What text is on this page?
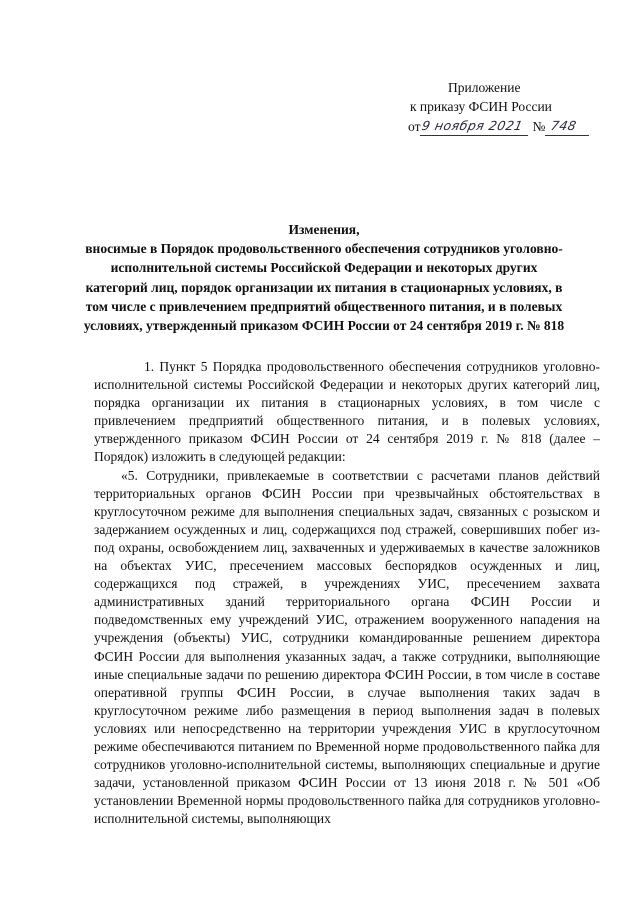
Приложение
к приказу ФСИН России
от 9 ноября 2021 № 748
Изменения,
вносимые в Порядок продовольственного обеспечения сотрудников уголовно-исполнительной системы Российской Федерации и некоторых других категорий лиц, порядок организации их питания в стационарных условиях, в том числе с привлечением предприятий общественного питания, и в полевых условиях, утвержденный приказом ФСИН России от 24 сентября 2019 г. № 818

1. Пункт 5 Порядка продовольственного обеспечения сотрудников уголовно-исполнительной системы Российской Федерации и некоторых других категорий лиц, порядка организации их питания в стационарных условиях, в том числе с привлечением предприятий общественного питания, и в полевых условиях, утвержденного приказом ФСИН России от 24 сентября 2019 г. № 818 (далее – Порядок) изложить в следующей редакции:

«5. Сотрудники, привлекаемые в соответствии с расчетами планов действий территориальных органов ФСИН России при чрезвычайных обстоятельствах в круглосуточном режиме для выполнения специальных задач, связанных с розыском и задержанием осужденных и лиц, содержащихся под стражей, совершивших побег из-под охраны, освобождением лиц, захваченных и удерживаемых в качестве заложников на объектах УИС, пресечением массовых беспорядков осужденных и лиц, содержащихся под стражей, в учреждениях УИС, пресечением захвата административных зданий территориального органа ФСИН России и подведомственных ему учреждений УИС, отражением вооруженного нападения на учреждения (объекты) УИС, сотрудники командированные решением директора ФСИН России для выполнения указанных задач, а также сотрудники, выполняющие иные специальные задачи по решению директора ФСИН России, в том числе в составе оперативной группы ФСИН России, в случае выполнения таких задач в круглосуточном режиме либо размещения в период выполнения задач в полевых условиях или непосредственно на территории учреждения УИС в круглосуточном режиме обеспечиваются питанием по Временной норме продовольственного пайка для сотрудников уголовно-исполнительной системы, выполняющих специальные и другие задачи, установленной приказом ФСИН России от 13 июня 2018 г. № 501 «Об установлении Временной нормы продовольственного пайка для сотрудников уголовно-исполнительной системы, выполняющих
